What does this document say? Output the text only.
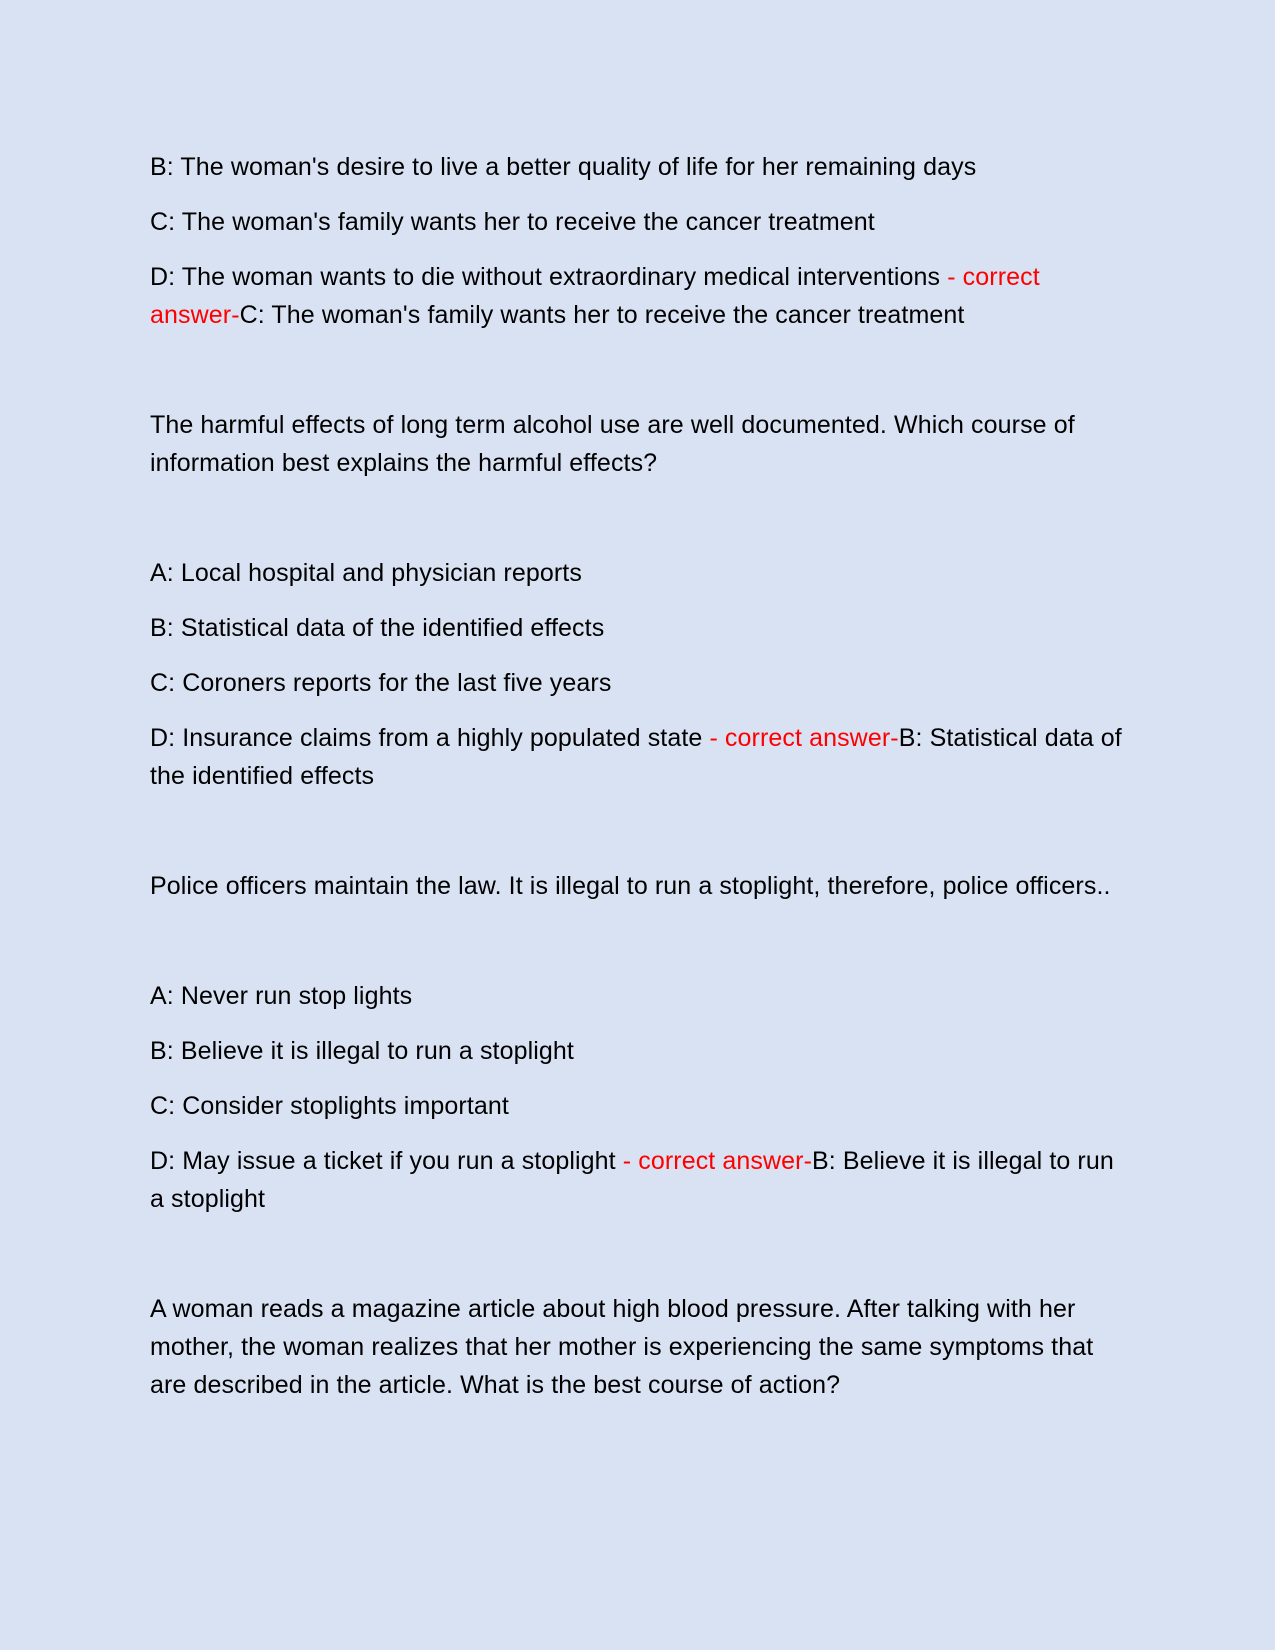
B: The woman's desire to live a better quality of life for her remaining days

C: The woman's family wants her to receive the cancer treatment

D: The woman wants to die without extraordinary medical interventions - correct answer-C: The woman's family wants her to receive the cancer treatment

The harmful effects of long term alcohol use are well documented. Which course of information best explains the harmful effects?

A: Local hospital and physician reports

B: Statistical data of the identified effects

C: Coroners reports for the last five years

D: Insurance claims from a highly populated state - correct answer-B: Statistical data of the identified effects

Police officers maintain the law. It is illegal to run a stoplight, therefore, police officers..

A: Never run stop lights

B: Believe it is illegal to run a stoplight

C: Consider stoplights important

D: May issue a ticket if you run a stoplight - correct answer-B: Believe it is illegal to run a stoplight

A woman reads a magazine article about high blood pressure. After talking with her mother, the woman realizes that her mother is experiencing the same symptoms that are described in the article. What is the best course of action?
